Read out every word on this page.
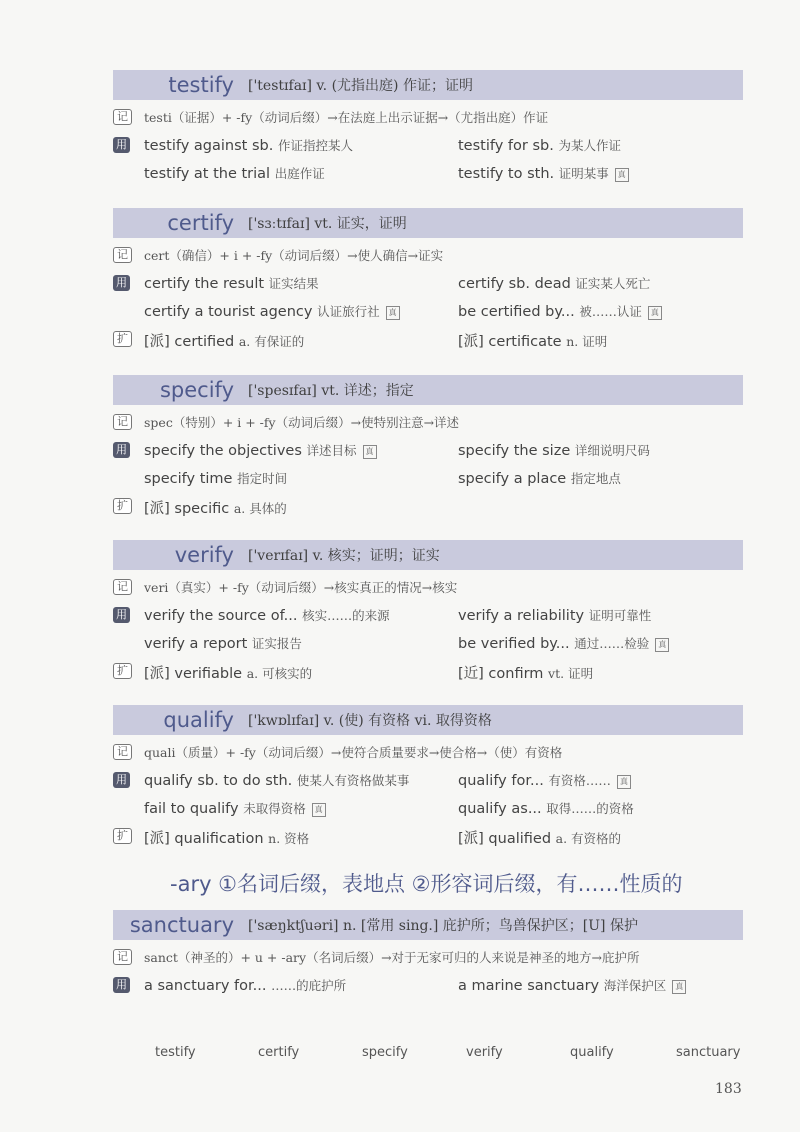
testify	['testɪfaɪ] v. (尤指出庭) 作证；证明
记	testi（证据）+ -fy（动词后缀）→在法庭上出示证据→（尤指出庭）作证
用 testify against sb. 作证指控某人	testify for sb. 为某人作证
testify at the trial 出庭作证	testify to sth. 证明某事 真
certify	['sɜːtɪfaɪ] vt. 证实，证明
记	cert（确信）+ i + -fy（动词后缀）→使人确信→证实
用 certify the result 证实结果	certify sb. dead 证实某人死亡
certify a tourist agency 认证旅行社 真	be certified by... 被……认证 真
扩 [派] certified a. 有保证的	[派] certificate n. 证明
specify	['spesɪfaɪ] vt. 详述；指定
记	spec（特别）+ i + -fy（动词后缀）→使特别注意→详述
用 specify the objectives 详述目标 真	specify the size 详细说明尺码
specify time 指定时间	specify a place 指定地点
扩 [派] specific a. 具体的
verify	['verɪfaɪ] v. 核实；证明；证实
记	veri（真实）+ -fy（动词后缀）→核实真正的情况→核实
用 verify the source of... 核实……的来源	verify a reliability 证明可靠性
verify a report 证实报告	be verified by... 通过……检验 真
扩 [派] verifiable a. 可核实的	[近] confirm vt. 证明
qualify	['kwɒlɪfaɪ] v. (使) 有资格 vi. 取得资格
记	quali（质量）+ -fy（动词后缀）→使符合质量要求→使合格→（使）有资格
用 qualify sb. to do sth. 使某人有资格做某事	qualify for... 有资格…… 真
fail to qualify 未取得资格 真	qualify as... 取得……的资格
扩 [派] qualification n. 资格	[派] qualified a. 有资格的
sanctuary	['sæŋktʃuəri] n. [常用 sing.] 庇护所；鸟兽保护区；[U] 保护
记	sanct（神圣的）+ u + -ary（名词后缀）→对于无家可归的人来说是神圣的地方→庇护所
用 a sanctuary for... ……的庇护所	a marine sanctuary 海洋保护区 真
-ary ①名词后缀，表地点 ②形容词后缀，有……性质的
testify	certify	specify	verify	qualify	sanctuary
183
